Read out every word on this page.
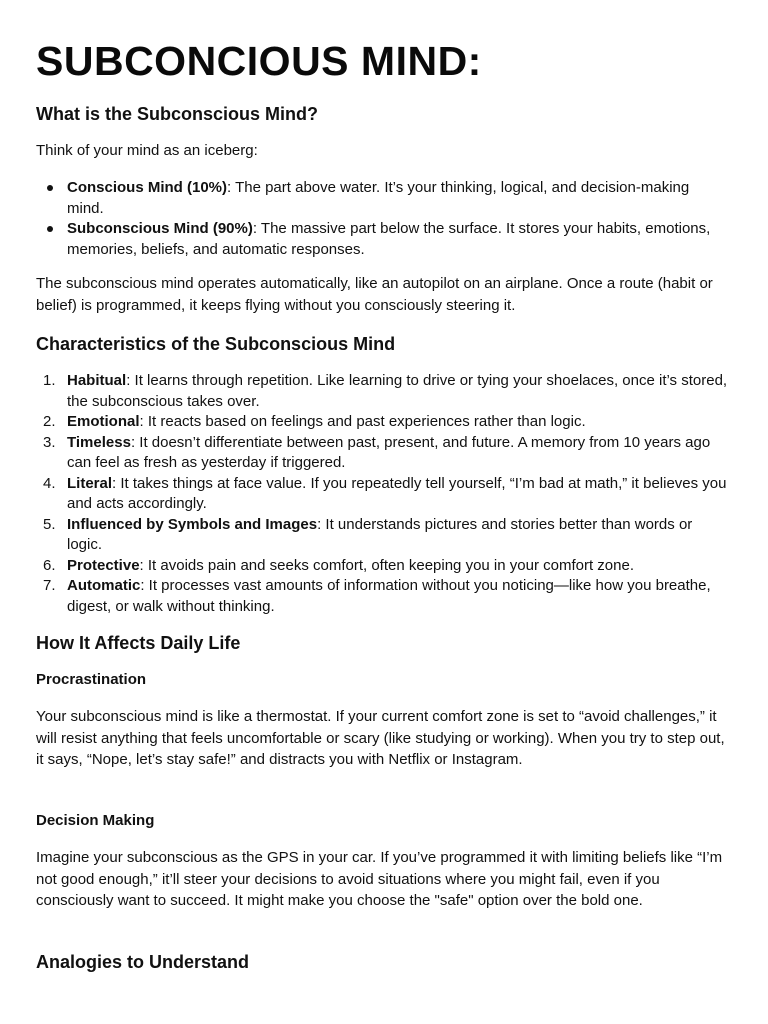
SUBCONCIOUS MIND:
What is the Subconscious Mind?

Think of your mind as an iceberg:

Conscious Mind (10%): The part above water. It’s your thinking, logical, and decision-making mind.
Subconscious Mind (90%): The massive part below the surface. It stores your habits, emotions, memories, beliefs, and automatic responses.

The subconscious mind operates automatically, like an autopilot on an airplane. Once a route (habit or belief) is programmed, it keeps flying without you consciously steering it.

Characteristics of the Subconscious Mind
1. Habitual: It learns through repetition. Like learning to drive or tying your shoelaces, once it’s stored, the subconscious takes over.
2. Emotional: It reacts based on feelings and past experiences rather than logic.
3. Timeless: It doesn’t differentiate between past, present, and future. A memory from 10 years ago can feel as fresh as yesterday if triggered.
4. Literal: It takes things at face value. If you repeatedly tell yourself, “I’m bad at math,” it believes you and acts accordingly.
5. Influenced by Symbols and Images: It understands pictures and stories better than words or logic.
6. Protective: It avoids pain and seeks comfort, often keeping you in your comfort zone.
7. Automatic: It processes vast amounts of information without you noticing—like how you breathe, digest, or walk without thinking.
How It Affects Daily Life
Procrastination

Your subconscious mind is like a thermostat. If your current comfort zone is set to “avoid challenges,” it will resist anything that feels uncomfortable or scary (like studying or working). When you try to step out, it says, “Nope, let’s stay safe!” and distracts you with Netflix or Instagram.

Decision Making

Imagine your subconscious as the GPS in your car. If you’ve programmed it with limiting beliefs like “I’m not good enough,” it’ll steer your decisions to avoid situations where you might fail, even if you consciously want to succeed. It might make you choose the "safe" option over the bold one.

Analogies to Understand
